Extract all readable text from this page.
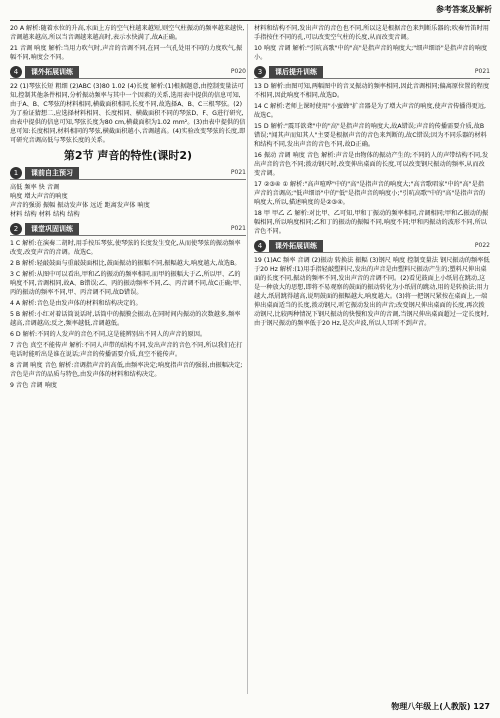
参考答案及解析

20 A 解析:随着水位的升高,水面上方的空气柱越来越短,则空气柱振动的频率越来越快,音调越来越高,所以当音调越来越高时,表示水快满了,故A正确。

21 音调 响度 解析:当用力吹气时,声音的音调不同,在同一气孔处用不同的力度吹气,振幅不同,响度会不同。

4	课外拓展训练	P020

22 (1)琴弦长短 粗细 (2)ABC (3)80 1.02 (4)长度 解析:(1)根据题意,由控制变量法可知,控制其他条件相同,分析振动频率与其中一个因素的关系,选用表中提供的信息可知,由于A、B、C琴弦的材料相同,横截面积相同,长度不同,故选择A、B、C三根琴弦。(2)为了验证猜想二,应选择材料相同、长度相同、横截面积不同的琴弦D、F、G进行研究,由表中提供的信息可知,琴弦长度为80 cm,横截面积为1.02 mm²。(3)由表中提供的信息可知:长度相同,材料相同的琴弦,横截面积越小,音调越高。(4)实验改变琴弦的长度,即可研究音调高低与琴弦长度的关系。

第2节 声音的特性(课时2)
1	课前自主预习	P021

高低 频率 快 音调
响度 增大声音的响度
声音的强弱 振幅 振动发声体 远近 距离发声体 响度
材料 结构 材料 结构 结构

2	课堂巩固训练	P021

1 C 解析:在演奏二胡时,用手按压琴弦,使琴弦的长度发生变化,从而使琴弦的振动频率改变,改变声音的音调。故选C。

2 B 解析:轻敲鼓面与重敲鼓面相比,鼓面振动的振幅不同,振幅越大,响度越大,故选B。

3 C 解析:从图中可以看出,甲和乙的振动的频率相同,而甲的振幅大于乙,所以甲、乙的响度不同,音调相同,故A、B错误;乙、丙的振动频率不同,乙、丙音调不同,故C正确;甲、丙的振动的频率不同,甲、丙音调不同,故D错误。

4 A 解析:音色是由发声体的材料和结构决定的。

5 B 解析:小红对着话筒说话时,话筒中的振膜会振动,在同时间内振动的次数越多,频率越高,音调越高;反之,频率越低,音调越低。

6 D 解析:不同的人发声的音色不同,这是能辨别出不同人的声音的原因。

7 音色 真空不能传声 解析:不同人声带的结构不同,发出声音的音色不同,所以我们在打电话时能听出是谁在说话;声音的传播需要介质,真空不能传声。

8 音调 响度 音色 解析:音调指声音的高低,由频率决定;响度指声音的强弱,由振幅决定;音色是声音的品质与特色,由发声体的材料和结构决定。

9 音色 音调 响度

材料和结构不同,发出声音的音色也不同,所以这是根据音色来判断乐器的;吹奏竹笛时用手指按住不同的孔,可以改变空气柱的长度,从而改变音调。

10 响度 音调 解析:"引吭高歌"中的"高"是指声音的响度大;"细声细语"是指声音的响度小。

3	课后提升训练	P021

13 D 解析:由图可知,两幅图中的音叉振动的频率相同,因此音调相同;偏离原位置的程度不相同,因此响度不相同,故选D。

14 C 解析:老师上课时使用"小蜜蜂"扩音器是为了增大声音的响度,使声音传播得更远,故选C。

15 D 解析:"震耳欲聋"中的"高"是指声音的响度大,故A错误;声音的传播需要介质,故B错误;"闻其声而知其人"主要是根据声音的音色来判断的,故C错误;因为不同乐器的材料和结构不同,发出声音的音色不同,故D正确。

16 振动 音调 响度 音色 解析:声音是由物体的振动产生的;不同的人的声带结构不同,发出声音的音色不同;拨动钢尺时,改变伸出桌面的长度,可以改变钢尺振动的频率,从而改变音调。

17 ②③④ ① 解析:"高声喧哗"中的"高"是指声音的响度大;"高音歌唱家"中的"高"是指声音的音调高;"低声细语"中的"低"是指声音的响度小;"引吭高歌"中的"高"是指声音的响度大,所以,描述响度的是②③④。

18 甲 甲乙 乙 解析:对比甲、乙可知,甲和丁振动的频率相同,音调相同;甲和乙振动的振幅相同,所以响度相同;乙和丁的振动的振幅不同,响度不同;甲和丙振动的波形不同,所以音色不同。

4	课外拓展训练	P022

19 (1)AC 频率 音调 (2)振动 转换法 振幅 (3)钢尺 响度 控制变量法 钢尺振动的频率低于20 Hz 解析:(1)用手指轻敲塑料尺,发出的声音是由塑料尺振动产生的;塑料尺伸出桌面的长度不同,振动的频率不同,发出声音的音调不同。(2)看见鼓面上小纸屑在跳动,这是一种放大的思想,即将不易观察的鼓面的振动转化为小纸屑的跳动,用的是转换法;用力越大,纸屑跳得越高,说明鼓面的振幅越大,响度越大。(3)将一把钢尺紧按在桌面上,一端伸出桌面适当的长度,拨动钢尺,听它振动发出的声音;改变钢尺伸出桌面的长度,再次拨动钢尺,比较两种情况下钢尺振动的快慢和发声的音调,当钢尺伸出桌面超过一定长度时,由于钢尺振动的频率低于20 Hz,是次声波,所以人耳听不到声音。

物理八年级上(人教版) 127
